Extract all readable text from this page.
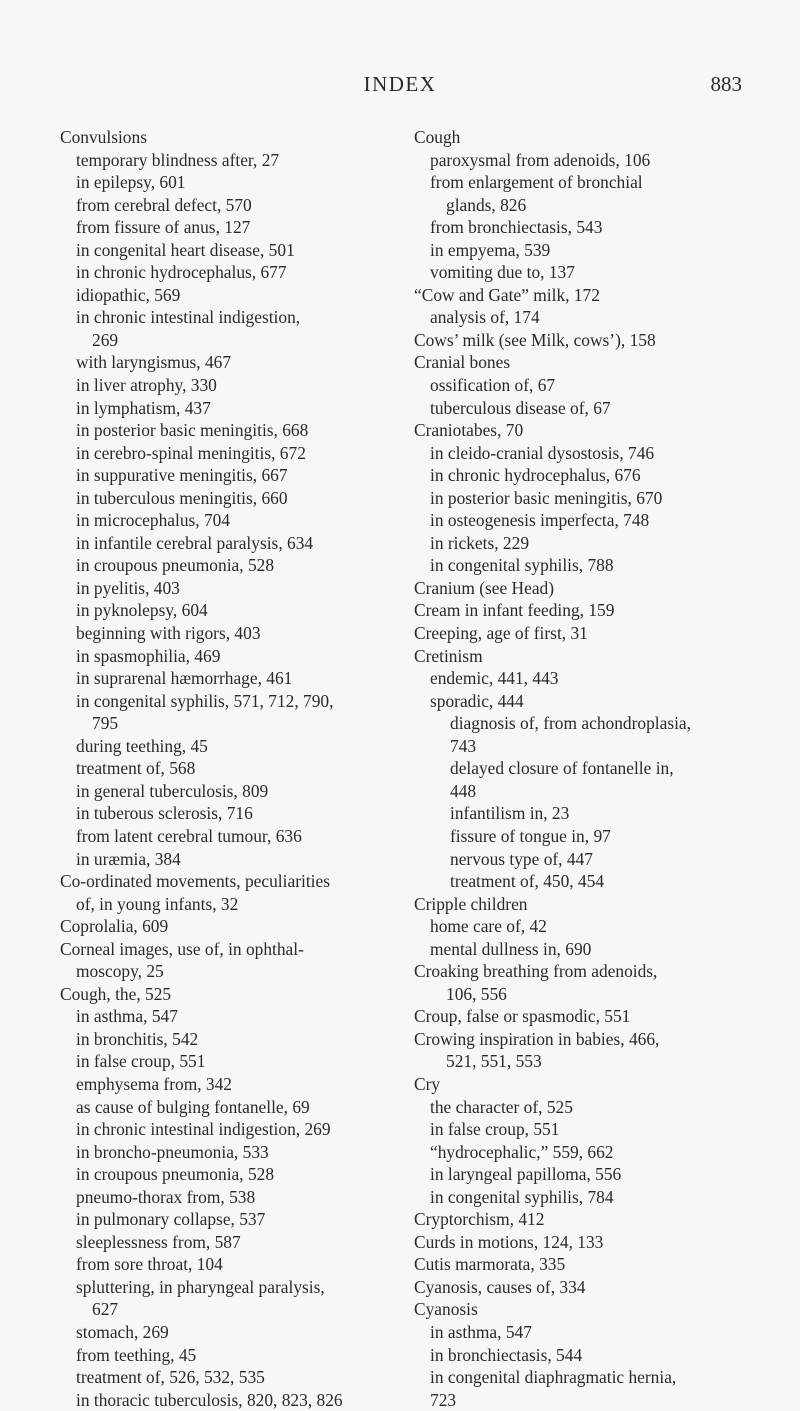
INDEX	883
Convulsions
temporary blindness after, 27
in epilepsy, 601
from cerebral defect, 570
from fissure of anus, 127
in congenital heart disease, 501
in chronic hydrocephalus, 677
idiopathic, 569
in chronic intestinal indigestion,
269
with laryngismus, 467
in liver atrophy, 330
in lymphatism, 437
in posterior basic meningitis, 668
in cerebro-spinal meningitis, 672
in suppurative meningitis, 667
in tuberculous meningitis, 660
in microcephalus, 704
in infantile cerebral paralysis, 634
in croupous pneumonia, 528
in pyelitis, 403
in pyknolepsy, 604
beginning with rigors, 403
in spasmophilia, 469
in suprarenal hæmorrhage, 461
in congenital syphilis, 571, 712, 790,
795
during teething, 45
treatment of, 568
in general tuberculosis, 809
in tuberous sclerosis, 716
from latent cerebral tumour, 636
in uræmia, 384
Co-ordinated movements, peculiarities
of, in young infants, 32
Coprolalia, 609
Corneal images, use of, in ophthal-
moscopy, 25
Cough, the, 525
in asthma, 547
in bronchitis, 542
in false croup, 551
emphysema from, 342
as cause of bulging fontanelle, 69
in chronic intestinal indigestion, 269
in broncho-pneumonia, 533
in croupous pneumonia, 528
pneumo-thorax from, 538
in pulmonary collapse, 537
sleeplessness from, 587
from sore throat, 104
spluttering, in pharyngeal paralysis,
627
stomach, 269
from teething, 45
treatment of, 526, 532, 535
in thoracic tuberculosis, 820, 823, 826
Cough
paroxysmal from adenoids, 106
from enlargement of bronchial
glands, 826
from bronchiectasis, 543
in empyema, 539
vomiting due to, 137
“Cow and Gate” milk, 172
analysis of, 174
Cows’ milk (see Milk, cows’), 158
Cranial bones
ossification of, 67
tuberculous disease of, 67
Craniotabes, 70
in cleido-cranial dysostosis, 746
in chronic hydrocephalus, 676
in posterior basic meningitis, 670
in osteogenesis imperfecta, 748
in rickets, 229
in congenital syphilis, 788
Cranium (see Head)
Cream in infant feeding, 159
Creeping, age of first, 31
Cretinism
endemic, 441, 443
sporadic, 444
diagnosis of, from achondroplasia,
743
delayed closure of fontanelle in,
448
infantilism in, 23
fissure of tongue in, 97
nervous type of, 447
treatment of, 450, 454
Cripple children
home care of, 42
mental dullness in, 690
Croaking breathing from adenoids,
106, 556
Croup, false or spasmodic, 551
Crowing inspiration in babies, 466,
521, 551, 553
Cry
the character of, 525
in false croup, 551
“hydrocephalic,” 559, 662
in laryngeal papilloma, 556
in congenital syphilis, 784
Cryptorchism, 412
Curds in motions, 124, 133
Cutis marmorata, 335
Cyanosis, causes of, 334
Cyanosis
in asthma, 547
in bronchiectasis, 544
in congenital diaphragmatic hernia,
723
